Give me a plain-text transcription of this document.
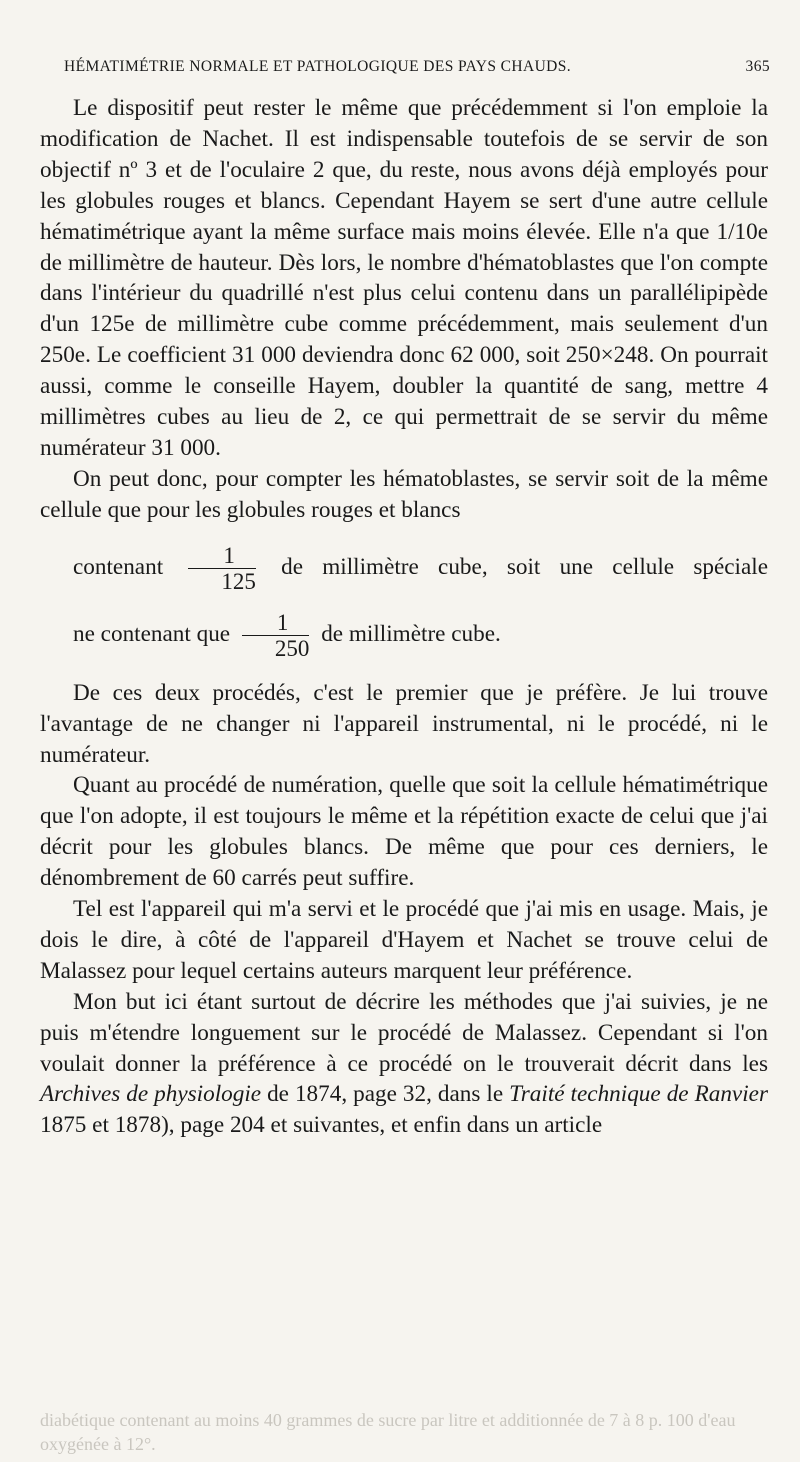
HÉMATIMÉTRIE NORMALE ET PATHOLOGIQUE DES PAYS CHAUDS.	365

Le dispositif peut rester le même que précédemment si l'on emploie la modification de Nachet. Il est indispensable toutefois de se servir de son objectif nº 3 et de l'oculaire 2 que, du reste, nous avons déjà employés pour les globules rouges et blancs. Cependant Hayem se sert d'une autre cellule hématimétrique ayant la même surface mais moins élevée. Elle n'a que 1/10e de millimètre de hauteur. Dès lors, le nombre d'hématoblastes que l'on compte dans l'intérieur du quadrillé n'est plus celui contenu dans un parallélipipède d'un 125e de millimètre cube comme précédemment, mais seulement d'un 250e. Le coefficient 31 000 deviendra donc 62 000, soit 250×248. On pourrait aussi, comme le conseille Hayem, doubler la quantité de sang, mettre 4 millimètres cubes au lieu de 2, ce qui permettrait de se servir du même numérateur 31 000.

On peut donc, pour compter les hématoblastes, se servir soit de la même cellule que pour les globules rouges et blancs

contenant $\frac{1}{125}$ de millimètre cube, soit une cellule spéciale

ne contenant que $\frac{1}{250}$ de millimètre cube.

De ces deux procédés, c'est le premier que je préfère. Je lui trouve l'avantage de ne changer ni l'appareil instrumental, ni le procédé, ni le numérateur.

Quant au procédé de numération, quelle que soit la cellule hématimétrique que l'on adopte, il est toujours le même et la répétition exacte de celui que j'ai décrit pour les globules blancs. De même que pour ces derniers, le dénombrement de 60 carrés peut suffire.

Tel est l'appareil qui m'a servi et le procédé que j'ai mis en usage. Mais, je dois le dire, à côté de l'appareil d'Hayem et Nachet se trouve celui de Malassez pour lequel certains auteurs marquent leur préférence.

Mon but ici étant surtout de décrire les méthodes que j'ai suivies, je ne puis m'étendre longuement sur le procédé de Malassez. Cependant si l'on voulait donner la préférence à ce procédé on le trouverait décrit dans les Archives de physiologie de 1874, page 32, dans le Traité technique de Ranvier 1875 et 1878), page 204 et suivantes, et enfin dans un article

diabétique contenant au moins 40 grammes de sucre par litre et additionnée de 7 à 8 p. 100 d'eau oxygénée à 12°.
